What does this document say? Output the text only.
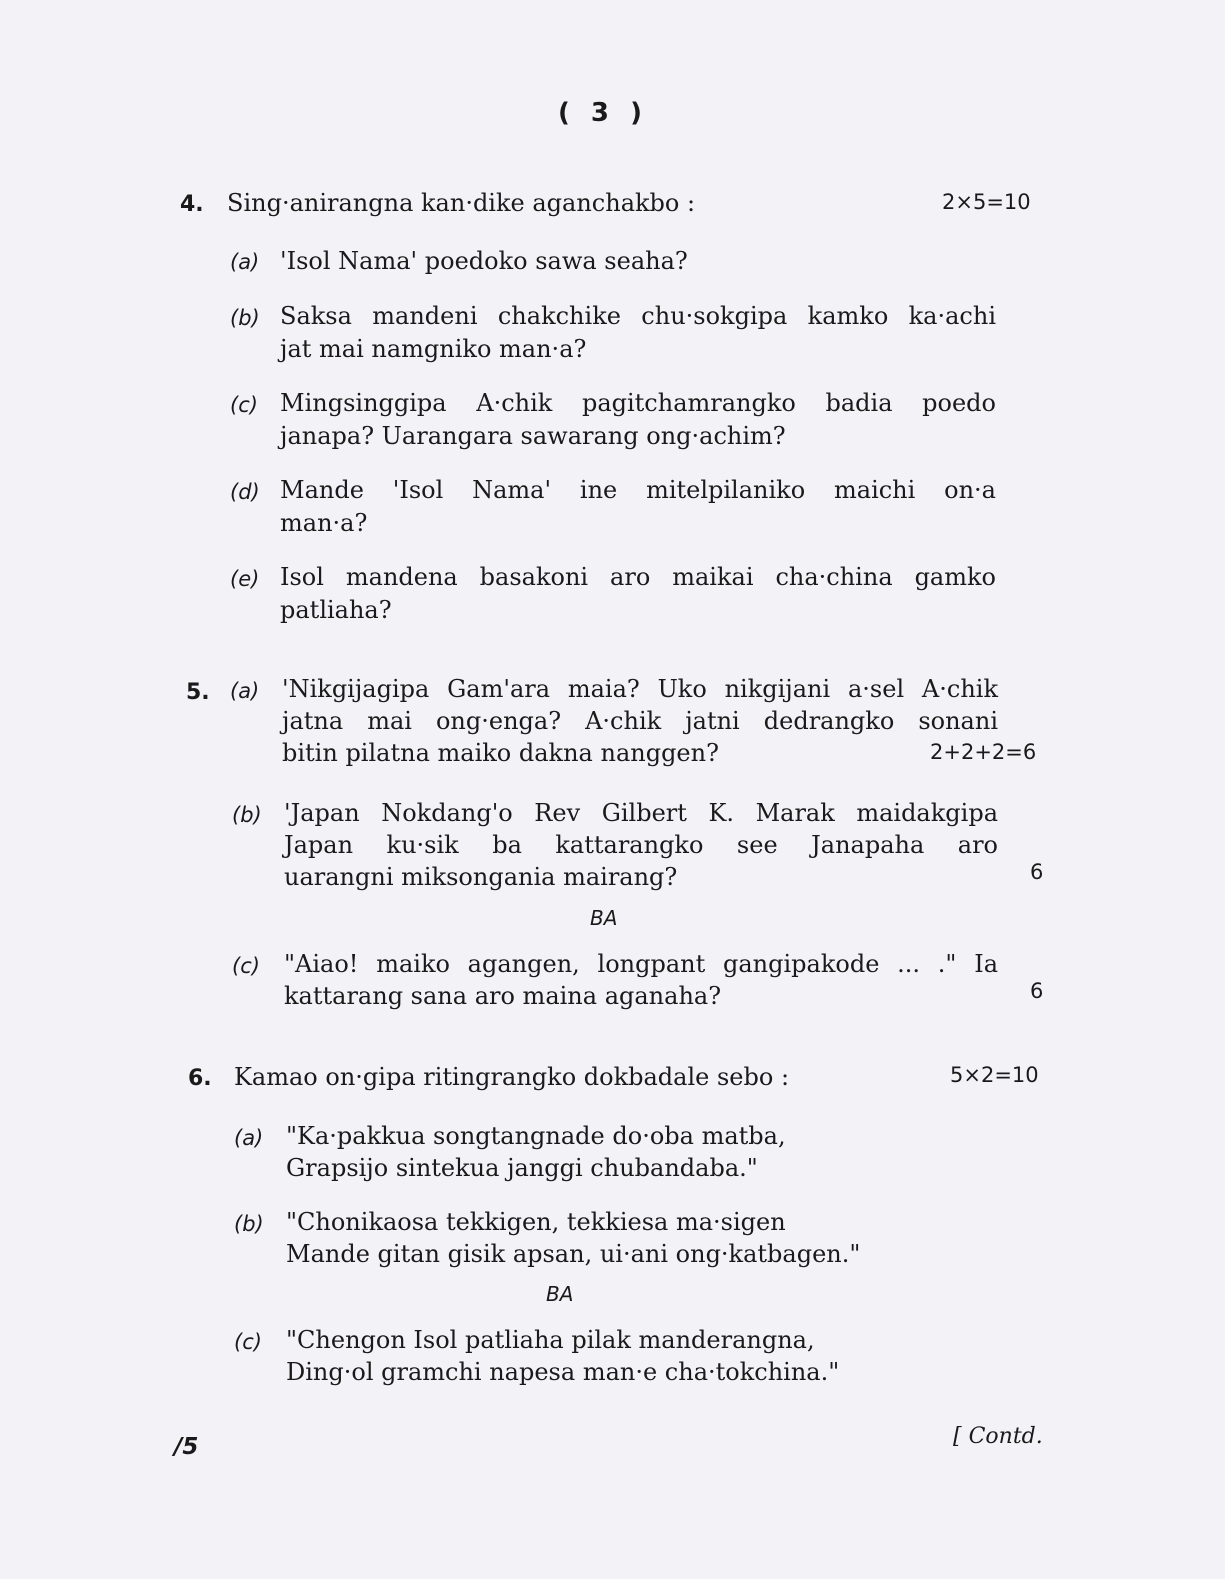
( 3 )
4. Sing·anirangna kan·dike aganchakbo :	2×5=10
(a) 'Isol Nama' poedoko sawa seaha?
(b) Saksa mandeni chakchike chu·sokgipa kamko ka·achi
jat mai namgniko man·a?
(c) Mingsinggipa A·chik pagitchamrangko badia poedo
janapa? Uarangara sawarang ong·achim?
(d) Mande 'Isol Nama' ine mitelpilaniko maichi on·a
man·a?
(e) Isol mandena basakoni aro maikai cha·china gamko
patliaha?
5. (a) 'Nikgijagipa Gam'ara maia? Uko nikgijani a·sel A·chik
jatna mai ong·enga? A·chik jatni dedrangko sonani
bitin pilatna maiko dakna nanggen?	2+2+2=6
(b) 'Japan Nokdang'o Rev Gilbert K. Marak maidakgipa
Japan ku·sik ba kattarangko see Janapaha aro
uarangni miksongania mairang?	6
BA
(c) "Aiao! maiko agangen, longpant gangipakode ... ." Ia
kattarang sana aro maina aganaha?	6
6. Kamao on·gipa ritingrangko dokbadale sebo :	5×2=10
(a) "Ka·pakkua songtangnade do·oba matba,
Grapsijo sintekua janggi chubandaba."
(b) "Chonikaosa tekkigen, tekkiesa ma·sigen
Mande gitan gisik apsan, ui·ani ong·katbagen."
BA
(c) "Chengon Isol patliaha pilak manderangna,
Ding·ol gramchi napesa man·e cha·tokchina."
/5	[ Contd.
